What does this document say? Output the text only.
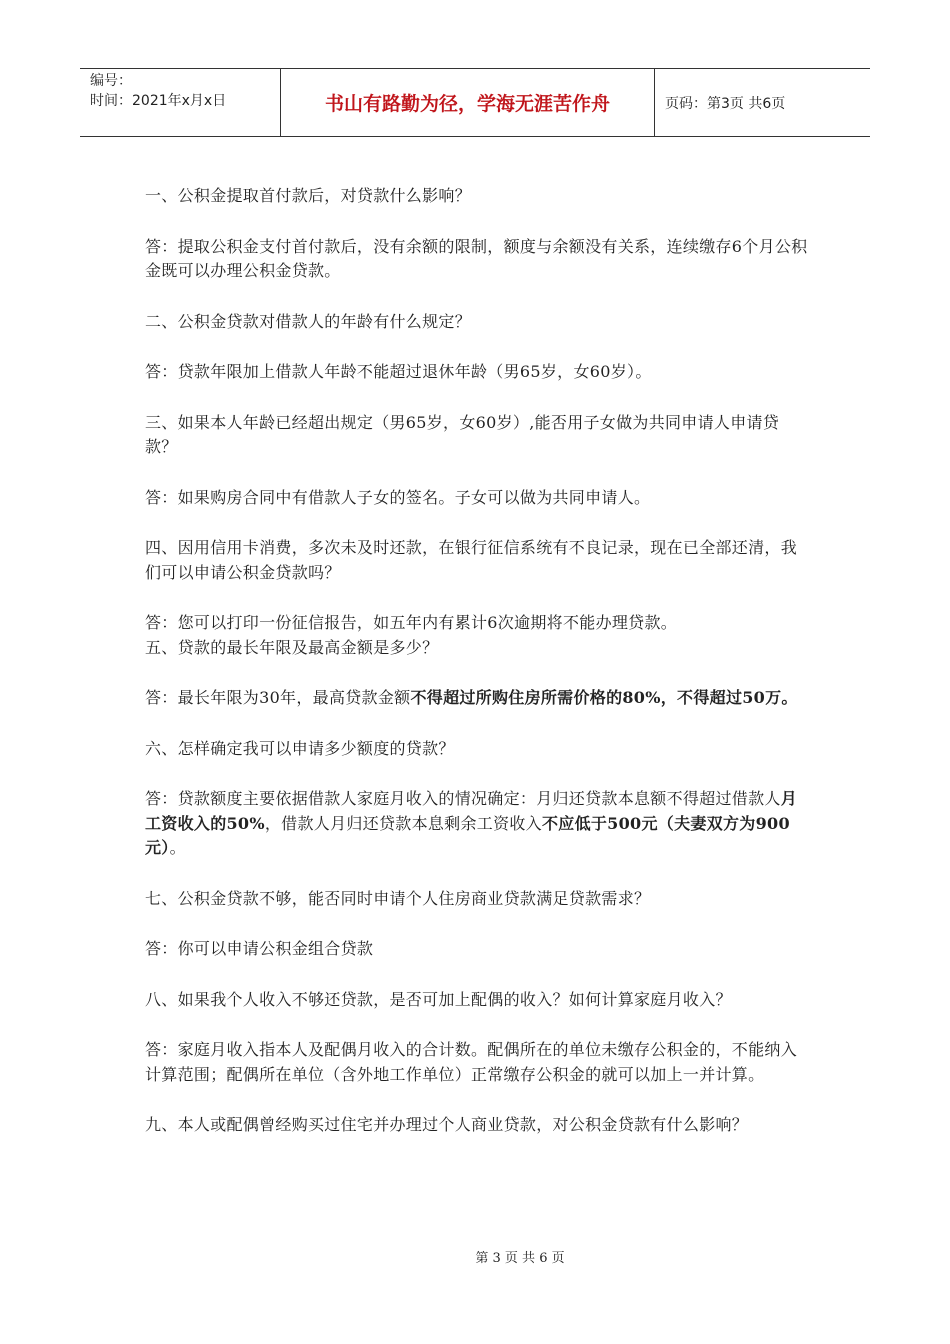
编号：
时间：2021年x月x日	书山有路勤为径，学海无涯苦作舟	页码：第3页 共6页

一、公积金提取首付款后，对贷款什么影响？

答：提取公积金支付首付款后，没有余额的限制，额度与余额没有关系，连续缴存6个月公积金既可以办理公积金贷款。

二、公积金贷款对借款人的年龄有什么规定？

答：贷款年限加上借款人年龄不能超过退休年龄（男65岁，女60岁）。

三、如果本人年龄已经超出规定（男65岁，女60岁）,能否用子女做为共同申请人申请贷款？

答：如果购房合同中有借款人子女的签名。子女可以做为共同申请人。

四、因用信用卡消费，多次未及时还款，在银行征信系统有不良记录，现在已全部还清，我们可以申请公积金贷款吗？

答：您可以打印一份征信报告，如五年内有累计6次逾期将不能办理贷款。

五、贷款的最长年限及最高金额是多少？

答：最长年限为30年，最高贷款金额不得超过所购住房所需价格的80%，不得超过50万。

六、怎样确定我可以申请多少额度的贷款？

答：贷款额度主要依据借款人家庭月收入的情况确定：月归还贷款本息额不得超过借款人月工资收入的50%，借款人月归还贷款本息剩余工资收入不应低于500元（夫妻双方为900元）。

七、公积金贷款不够，能否同时申请个人住房商业贷款满足贷款需求？

答：你可以申请公积金组合贷款

八、如果我个人收入不够还贷款，是否可加上配偶的收入？如何计算家庭月收入？

答：家庭月收入指本人及配偶月收入的合计数。配偶所在的单位未缴存公积金的，不能纳入计算范围；配偶所在单位（含外地工作单位）正常缴存公积金的就可以加上一并计算。

九、本人或配偶曾经购买过住宅并办理过个人商业贷款，对公积金贷款有什么影响？

第 3 页 共 6 页
